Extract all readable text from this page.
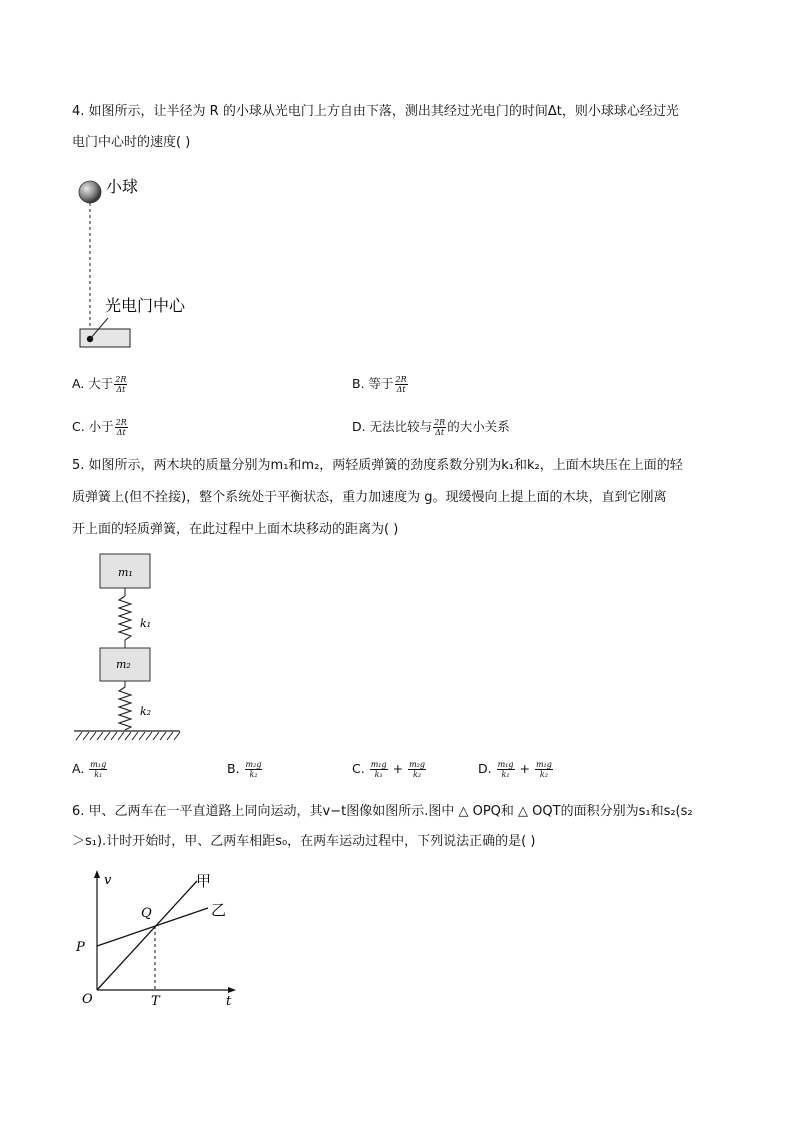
4. 如图所示，让半径为 R 的小球从光电门上方自由下落，测出其经过光电门的时间Δt，则小球球心经过光
电门中心时的速度( )
小球
光电门中心
A. 大于 $\frac{2R}{\Delta t}$	B. 等于 $\frac{2R}{\Delta t}$
C. 小于 $\frac{2R}{\Delta t}$	D. 无法比较与 $\frac{2R}{\Delta t}$ 的大小关系
5. 如图所示，两木块的质量分别为m₁和m₂，两轻质弹簧的劲度系数分别为k₁和k₂，上面木块压在上面的轻
质弹簧上(但不拴接)，整个系统处于平衡状态，重力加速度为 g。现缓慢向上提上面的木块，直到它刚离
开上面的轻质弹簧，在此过程中上面木块移动的距离为( )
m₁
k₁
m₂
k₂
A. $\frac{\text{m₁g}}{\text{k₁}}$	B. $\frac{\text{m₂g}}{\text{k₂}}$	C. $\frac{\text{m₁g}}{\text{k₁}} + \frac{\text{m₂g}}{\text{k₂}}$	D. $\frac{\text{m₁g}}{\text{k₁}} + \frac{\text{m₁g}}{\text{k₂}}$
6. 甲、乙两车在一平直道路上同向运动，其v−t图像如图所示.图中 △ OPQ和 △ OQT的面积分别为s₁和s₂(s₂
＞s₁).计时开始时，甲、乙两车相距s₀，在两车运动过程中，下列说法正确的是( )
v
t
O
P
Q
T
甲
乙
